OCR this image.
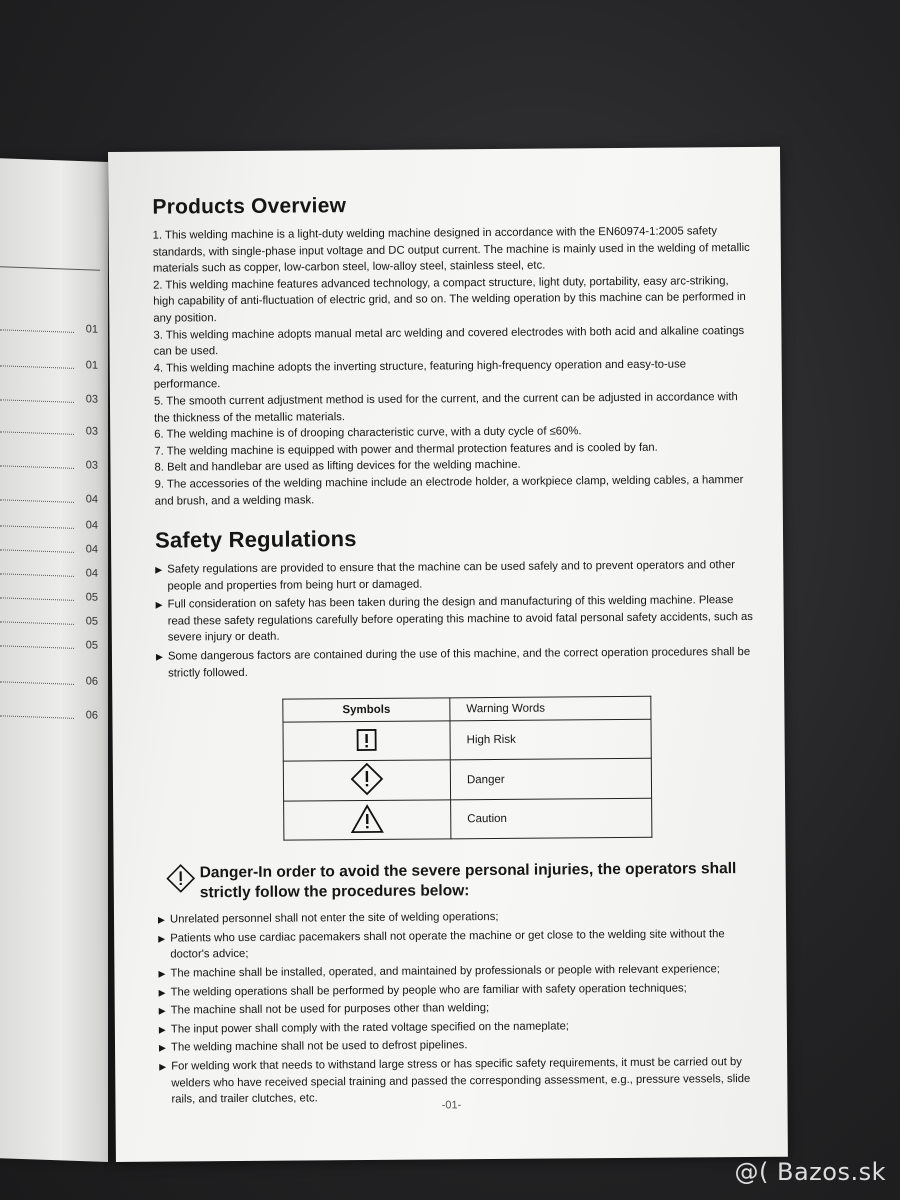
01
01
03
03
03
04
04
04
04
05
05
05
06
06
Products Overview

1. This welding machine is a light-duty welding machine designed in accordance with the EN60974-1:2005 safety standards, with single-phase input voltage and DC output current. The machine is mainly used in the welding of metallic materials such as copper, low-carbon steel, low-alloy steel, stainless steel, etc.

2. This welding machine features advanced technology, a compact structure, light duty, portability, easy arc-striking, high capability of anti-fluctuation of electric grid, and so on. The welding operation by this machine can be performed in any position.

3. This welding machine adopts manual metal arc welding and covered electrodes with both acid and alkaline coatings can be used.

4. This welding machine adopts the inverting structure, featuring high-frequency operation and easy-to-use performance.

5. The smooth current adjustment method is used for the current, and the current can be adjusted in accordance with the thickness of the metallic materials.

6. The welding machine is of drooping characteristic curve, with a duty cycle of ≤60%.

7. The welding machine is equipped with power and thermal protection features and is cooled by fan.

8. Belt and handlebar are used as lifting devices for the welding machine.

9. The accessories of the welding machine include an electrode holder, a workpiece clamp, welding cables, a hammer and brush, and a welding mask.

Safety Regulations

▶ Safety regulations are provided to ensure that the machine can be used safely and to prevent operators and other people and properties from being hurt or damaged.

▶ Full consideration on safety has been taken during the design and manufacturing of this welding machine. Please read these safety regulations carefully before operating this machine to avoid fatal personal safety accidents, such as severe injury or death.

▶ Some dangerous factors are contained during the use of this machine, and the correct operation procedures shall be strictly followed.

Symbols	Warning Words
	High Risk
	Danger
	Caution
Danger-In order to avoid the severe personal injuries, the operators shall strictly follow the procedures below:

▶ Unrelated personnel shall not enter the site of welding operations;

▶ Patients who use cardiac pacemakers shall not operate the machine or get close to the welding site without the doctor's advice;

▶ The machine shall be installed, operated, and maintained by professionals or people with relevant experience;

▶ The welding operations shall be performed by people who are familiar with safety operation techniques;

▶ The machine shall not be used for purposes other than welding;

▶ The input power shall comply with the rated voltage specified on the nameplate;

▶ The welding machine shall not be used to defrost pipelines.

▶ For welding work that needs to withstand large stress or has specific safety requirements, it must be carried out by welders who have received special training and passed the corresponding assessment, e.g., pressure vessels, slide rails, and trailer clutches, etc.	-01-
@( Bazos.sk
